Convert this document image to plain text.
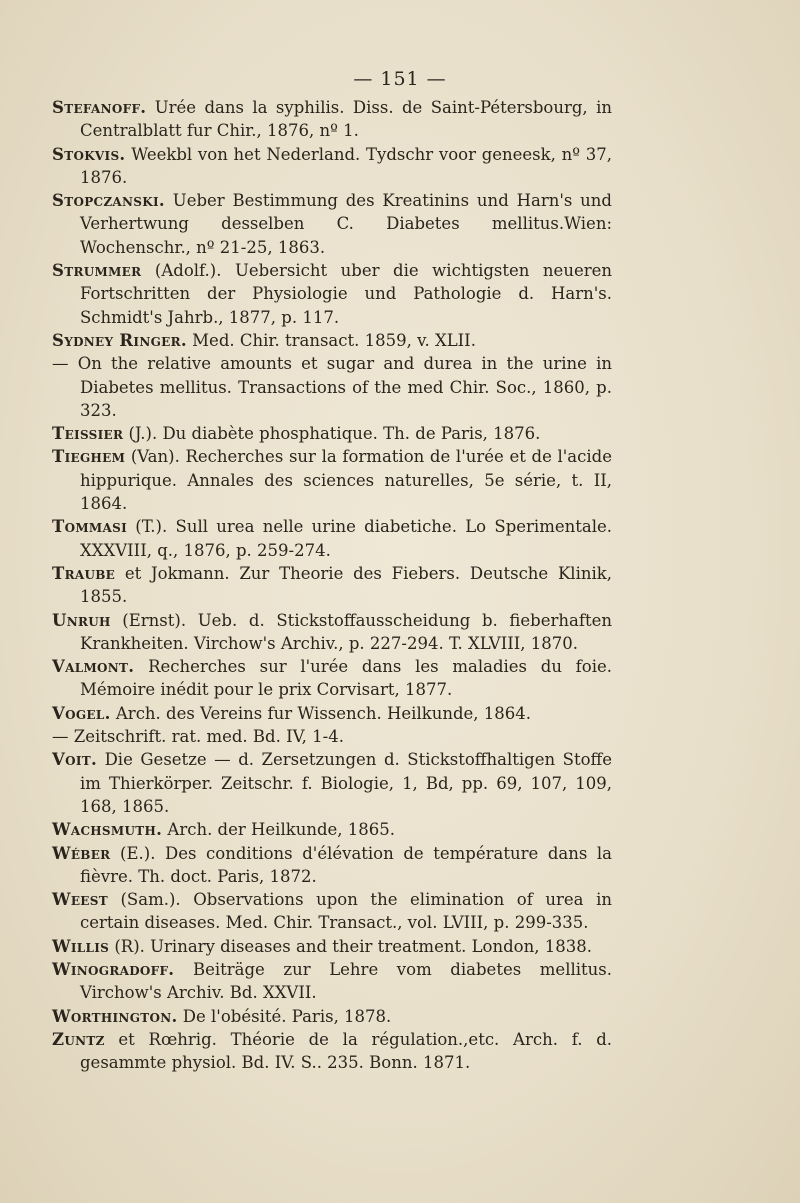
— 151 —
Stefanoff. Urée dans la syphilis. Diss. de Saint-Pétersbourg, in Centralblatt fur Chir., 1876, nº 1.
Stokvis. Weekbl von het Nederland. Tydschr voor geneesk, nº 37, 1876.
Stopczanski. Ueber Bestimmung des Kreatinins und Harn's und Verhertwung desselben C. Diabetes mellitus.Wien: Wochenschr., nº 21-25, 1863.
Strummer (Adolf.). Uebersicht uber die wichtigsten neueren Fortschritten der Physiologie und Pathologie d. Harn's. Schmidt's Jahrb., 1877, p. 117.
Sydney Ringer. Med. Chir. transact. 1859, v. XLII.
— On the relative amounts et sugar and durea in the urine in Diabetes mellitus. Transactions of the med Chir. Soc., 1860, p. 323.
Teissier (J.). Du diabète phosphatique. Th. de Paris, 1876.
Tieghem (Van). Recherches sur la formation de l'urée et de l'acide hippurique. Annales des sciences naturelles, 5e série, t. II, 1864.
Tommasi (T.). Sull urea nelle urine diabetiche. Lo Sperimentale. XXXVIII, q., 1876, p. 259-274.
Traube et Jokmann. Zur Theorie des Fiebers. Deutsche Klinik, 1855.
Unruh (Ernst). Ueb. d. Stickstoffausscheidung b. fieberhaften Krankheiten. Virchow's Archiv., p. 227-294. T. XLVIII, 1870.
Valmont. Recherches sur l'urée dans les maladies du foie. Mémoire inédit pour le prix Corvisart, 1877.
Vogel. Arch. des Vereins fur Wissench. Heilkunde, 1864.
— Zeitschrift. rat. med. Bd. IV, 1-4.
Voit. Die Gesetze — d. Zersetzungen d. Stickstoffhaltigen Stoffe im Thierkörper. Zeitschr. f. Biologie, 1, Bd, pp. 69, 107, 109, 168, 1865.
Wachsmuth. Arch. der Heilkunde, 1865.
Wéber (E.). Des conditions d'élévation de température dans la fièvre. Th. doct. Paris, 1872.
Weest (Sam.). Observations upon the elimination of urea in certain diseases. Med. Chir. Transact., vol. LVIII, p. 299-335.
Willis (R). Urinary diseases and their treatment. London, 1838.
Winogradoff. Beiträge zur Lehre vom diabetes mellitus. Virchow's Archiv. Bd. XXVII.
Worthington. De l'obésité. Paris, 1878.
Zuntz et Rœhrig. Théorie de la régulation.,etc. Arch. f. d. gesammte physiol. Bd. IV. S.. 235. Bonn. 1871.
